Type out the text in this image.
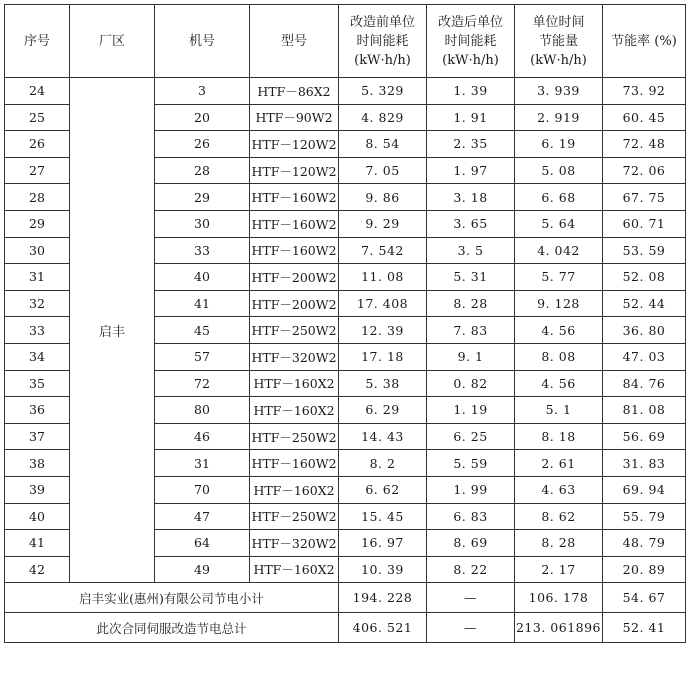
序号	厂区	机号	型号	改造前单位
时间能耗
(kW·h/h)	改造后单位
时间能耗
(kW·h/h)	单位时间
节能量
(kW·h/h)	节能率 (%)
24	启丰	3	HTF－86X2	5. 329	1. 39	3. 939	73. 92
25		20	HTF－90W2	4. 829	1. 91	2. 919	60. 45
26		26	HTF－120W2	8. 54	2. 35	6. 19	72. 48
27		28	HTF－120W2	7. 05	1. 97	5. 08	72. 06
28		29	HTF－160W2	9. 86	3. 18	6. 68	67. 75
29		30	HTF－160W2	9. 29	3. 65	5. 64	60. 71
30		33	HTF－160W2	7. 542	3. 5	4. 042	53. 59
31		40	HTF－200W2	11. 08	5. 31	5. 77	52. 08
32		41	HTF－200W2	17. 408	8. 28	9. 128	52. 44
33		45	HTF－250W2	12. 39	7. 83	4. 56	36. 80
34		57	HTF－320W2	17. 18	9. 1	8. 08	47. 03
35		72	HTF－160X2	5. 38	0. 82	4. 56	84. 76
36		80	HTF－160X2	6. 29	1. 19	5. 1	81. 08
37		46	HTF－250W2	14. 43	6. 25	8. 18	56. 69
38		31	HTF－160W2	8. 2	5. 59	2. 61	31. 83
39		70	HTF－160X2	6. 62	1. 99	4. 63	69. 94
40		47	HTF－250W2	15. 45	6. 83	8. 62	55. 79
41		64	HTF－320W2	16. 97	8. 69	8. 28	48. 79
42		49	HTF－160X2	10. 39	8. 22	2. 17	20. 89
启丰实业(惠州)有限公司节电小计				194. 228	—	106. 178	54. 67
此次合同伺服改造节电总计				406. 521	—	213. 061896	52. 41
